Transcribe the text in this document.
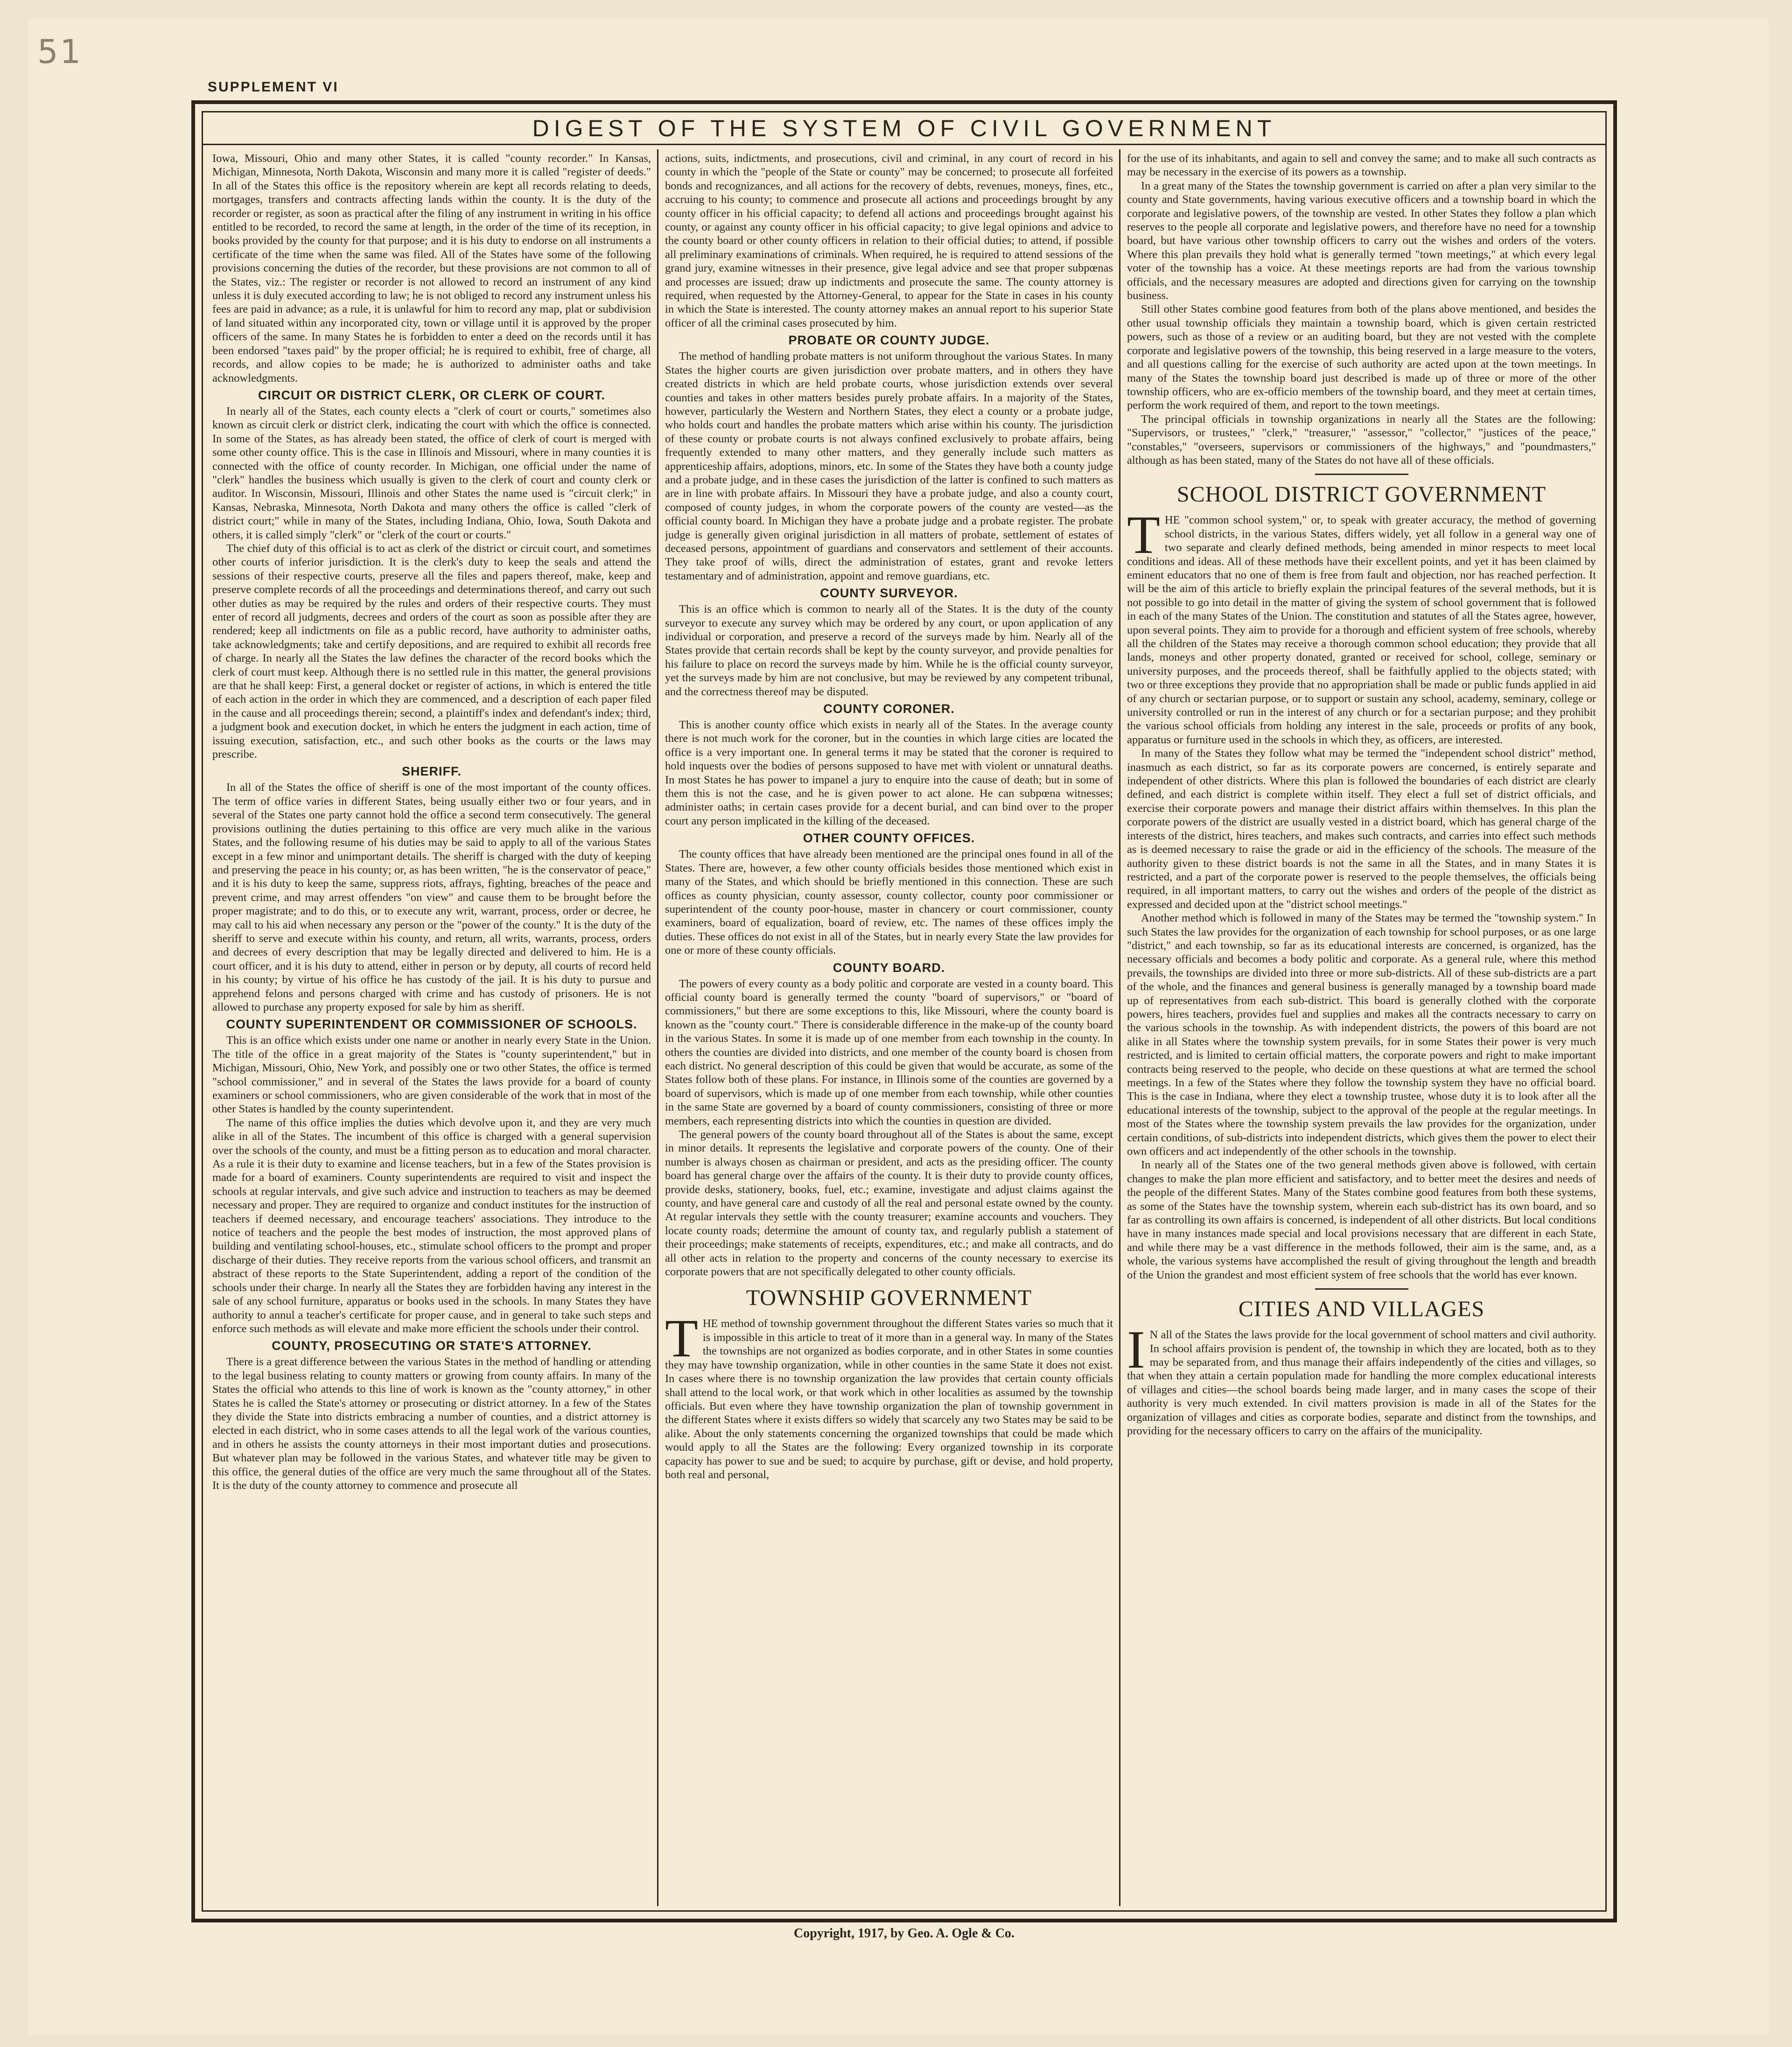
51
SUPPLEMENT VI
DIGEST OF THE SYSTEM OF CIVIL GOVERNMENT

Iowa, Missouri, Ohio and many other States, it is called "county recorder." In Kansas, Michigan, Minnesota, North Dakota, Wisconsin and many more it is called "register of deeds." In all of the States this office is the repository wherein are kept all records relating to deeds, mortgages, transfers and contracts affecting lands within the county. It is the duty of the recorder or register, as soon as practical after the filing of any instrument in writing in his office entitled to be recorded, to record the same at length, in the order of the time of its reception, in books provided by the county for that purpose; and it is his duty to endorse on all instruments a certificate of the time when the same was filed. All of the States have some of the following provisions concerning the duties of the recorder, but these provisions are not common to all of the States, viz.: The register or recorder is not allowed to record an instrument of any kind unless it is duly executed according to law; he is not obliged to record any instrument unless his fees are paid in advance; as a rule, it is unlawful for him to record any map, plat or subdivision of land situated within any incorporated city, town or village until it is approved by the proper officers of the same. In many States he is forbidden to enter a deed on the records until it has been endorsed "taxes paid" by the proper official; he is required to exhibit, free of charge, all records, and allow copies to be made; he is authorized to administer oaths and take acknowledgments.

CIRCUIT OR DISTRICT CLERK, OR CLERK OF COURT.

In nearly all of the States, each county elects a "clerk of court or courts," sometimes also known as circuit clerk or district clerk, indicating the court with which the office is connected. In some of the States, as has already been stated, the office of clerk of court is merged with some other county office. This is the case in Illinois and Missouri, where in many counties it is connected with the office of county recorder. In Michigan, one official under the name of "clerk" handles the business which usually is given to the clerk of court and county clerk or auditor. In Wisconsin, Missouri, Illinois and other States the name used is "circuit clerk;" in Kansas, Nebraska, Minnesota, North Dakota and many others the office is called "clerk of district court;" while in many of the States, including Indiana, Ohio, Iowa, South Dakota and others, it is called simply "clerk" or "clerk of the court or courts."

The chief duty of this official is to act as clerk of the district or circuit court, and sometimes other courts of inferior jurisdiction. It is the clerk's duty to keep the seals and attend the sessions of their respective courts, preserve all the files and papers thereof, make, keep and preserve complete records of all the proceedings and determinations thereof, and carry out such other duties as may be required by the rules and orders of their respective courts. They must enter of record all judgments, decrees and orders of the court as soon as possible after they are rendered; keep all indictments on file as a public record, have authority to administer oaths, take acknowledgments; take and certify depositions, and are required to exhibit all records free of charge. In nearly all the States the law defines the character of the record books which the clerk of court must keep. Although there is no settled rule in this matter, the general provisions are that he shall keep: First, a general docket or register of actions, in which is entered the title of each action in the order in which they are commenced, and a description of each paper filed in the cause and all proceedings therein; second, a plaintiff's index and defendant's index; third, a judgment book and execution docket, in which he enters the judgment in each action, time of issuing execution, satisfaction, etc., and such other books as the courts or the laws may prescribe.

SHERIFF.

In all of the States the office of sheriff is one of the most important of the county offices. The term of office varies in different States, being usually either two or four years, and in several of the States one party cannot hold the office a second term consecutively. The general provisions outlining the duties pertaining to this office are very much alike in the various States, and the following resume of his duties may be said to apply to all of the various States except in a few minor and unimportant details. The sheriff is charged with the duty of keeping and preserving the peace in his county; or, as has been written, "he is the conservator of peace," and it is his duty to keep the same, suppress riots, affrays, fighting, breaches of the peace and prevent crime, and may arrest offenders "on view" and cause them to be brought before the proper magistrate; and to do this, or to execute any writ, warrant, process, order or decree, he may call to his aid when necessary any person or the "power of the county." It is the duty of the sheriff to serve and execute within his county, and return, all writs, warrants, process, orders and decrees of every description that may be legally directed and delivered to him. He is a court officer, and it is his duty to attend, either in person or by deputy, all courts of record held in his county; by virtue of his office he has custody of the jail. It is his duty to pursue and apprehend felons and persons charged with crime and has custody of prisoners. He is not allowed to purchase any property exposed for sale by him as sheriff.

COUNTY SUPERINTENDENT OR COMMISSIONER OF SCHOOLS.

This is an office which exists under one name or another in nearly every State in the Union. The title of the office in a great majority of the States is "county superintendent," but in Michigan, Missouri, Ohio, New York, and possibly one or two other States, the office is termed "school commissioner," and in several of the States the laws provide for a board of county examiners or school commissioners, who are given considerable of the work that in most of the other States is handled by the county superintendent.

The name of this office implies the duties which devolve upon it, and they are very much alike in all of the States. The incumbent of this office is charged with a general supervision over the schools of the county, and must be a fitting person as to education and moral character. As a rule it is their duty to examine and license teachers, but in a few of the States provision is made for a board of examiners. County superintendents are required to visit and inspect the schools at regular intervals, and give such advice and instruction to teachers as may be deemed necessary and proper. They are required to organize and conduct institutes for the instruction of teachers if deemed necessary, and encourage teachers' associations. They introduce to the notice of teachers and the people the best modes of instruction, the most approved plans of building and ventilating school-houses, etc., stimulate school officers to the prompt and proper discharge of their duties. They receive reports from the various school officers, and transmit an abstract of these reports to the State Superintendent, adding a report of the condition of the schools under their charge. In nearly all the States they are forbidden having any interest in the sale of any school furniture, apparatus or books used in the schools. In many States they have authority to annul a teacher's certificate for proper cause, and in general to take such steps and enforce such methods as will elevate and make more efficient the schools under their control.

COUNTY, PROSECUTING OR STATE'S ATTORNEY.

There is a great difference between the various States in the method of handling or attending to the legal business relating to county matters or growing from county affairs. In many of the States the official who attends to this line of work is known as the "county attorney," in other States he is called the State's attorney or prosecuting or district attorney. In a few of the States they divide the State into districts embracing a number of counties, and a district attorney is elected in each district, who in some cases attends to all the legal work of the various counties, and in others he assists the county attorneys in their most important duties and prosecutions. But whatever plan may be followed in the various States, and whatever title may be given to this office, the general duties of the office are very much the same throughout all of the States. It is the duty of the county attorney to commence and prosecute all

actions, suits, indictments, and prosecutions, civil and criminal, in any court of record in his county in which the "people of the State or county" may be concerned; to prosecute all forfeited bonds and recognizances, and all actions for the recovery of debts, revenues, moneys, fines, etc., accruing to his county; to commence and prosecute all actions and proceedings brought by any county officer in his official capacity; to defend all actions and proceedings brought against his county, or against any county officer in his official capacity; to give legal opinions and advice to the county board or other county officers in relation to their official duties; to attend, if possible all preliminary examinations of criminals. When required, he is required to attend sessions of the grand jury, examine witnesses in their presence, give legal advice and see that proper subpœnas and processes are issued; draw up indictments and prosecute the same. The county attorney is required, when requested by the Attorney-General, to appear for the State in cases in his county in which the State is interested. The county attorney makes an annual report to his superior State officer of all the criminal cases prosecuted by him.

PROBATE OR COUNTY JUDGE.

The method of handling probate matters is not uniform throughout the various States. In many States the higher courts are given jurisdiction over probate matters, and in others they have created districts in which are held probate courts, whose jurisdiction extends over several counties and takes in other matters besides purely probate affairs. In a majority of the States, however, particularly the Western and Northern States, they elect a county or a probate judge, who holds court and handles the probate matters which arise within his county. The jurisdiction of these county or probate courts is not always confined exclusively to probate affairs, being frequently extended to many other matters, and they generally include such matters as apprenticeship affairs, adoptions, minors, etc. In some of the States they have both a county judge and a probate judge, and in these cases the jurisdiction of the latter is confined to such matters as are in line with probate affairs. In Missouri they have a probate judge, and also a county court, composed of county judges, in whom the corporate powers of the county are vested—as the official county board. In Michigan they have a probate judge and a probate register. The probate judge is generally given original jurisdiction in all matters of probate, settlement of estates of deceased persons, appointment of guardians and conservators and settlement of their accounts. They take proof of wills, direct the administration of estates, grant and revoke letters testamentary and of administration, appoint and remove guardians, etc.

COUNTY SURVEYOR.

This is an office which is common to nearly all of the States. It is the duty of the county surveyor to execute any survey which may be ordered by any court, or upon application of any individual or corporation, and preserve a record of the surveys made by him. Nearly all of the States provide that certain records shall be kept by the county surveyor, and provide penalties for his failure to place on record the surveys made by him. While he is the official county surveyor, yet the surveys made by him are not conclusive, but may be reviewed by any competent tribunal, and the correctness thereof may be disputed.

COUNTY CORONER.

This is another county office which exists in nearly all of the States. In the average county there is not much work for the coroner, but in the counties in which large cities are located the office is a very important one. In general terms it may be stated that the coroner is required to hold inquests over the bodies of persons supposed to have met with violent or unnatural deaths. In most States he has power to impanel a jury to enquire into the cause of death; but in some of them this is not the case, and he is given power to act alone. He can subpœna witnesses; administer oaths; in certain cases provide for a decent burial, and can bind over to the proper court any person implicated in the killing of the deceased.

OTHER COUNTY OFFICES.

The county offices that have already been mentioned are the principal ones found in all of the States. There are, however, a few other county officials besides those mentioned which exist in many of the States, and which should be briefly mentioned in this connection. These are such offices as county physician, county assessor, county collector, county poor commissioner or superintendent of the county poor-house, master in chancery or court commissioner, county examiners, board of equalization, board of review, etc. The names of these offices imply the duties. These offices do not exist in all of the States, but in nearly every State the law provides for one or more of these county officials.

COUNTY BOARD.

The powers of every county as a body politic and corporate are vested in a county board. This official county board is generally termed the county "board of supervisors," or "board of commissioners," but there are some exceptions to this, like Missouri, where the county board is known as the "county court." There is considerable difference in the make-up of the county board in the various States. In some it is made up of one member from each township in the county. In others the counties are divided into districts, and one member of the county board is chosen from each district. No general description of this could be given that would be accurate, as some of the States follow both of these plans. For instance, in Illinois some of the counties are governed by a board of supervisors, which is made up of one member from each township, while other counties in the same State are governed by a board of county commissioners, consisting of three or more members, each representing districts into which the counties in question are divided.

The general powers of the county board throughout all of the States is about the same, except in minor details. It represents the legislative and corporate powers of the county. One of their number is always chosen as chairman or president, and acts as the presiding officer. The county board has general charge over the affairs of the county. It is their duty to provide county offices, provide desks, stationery, books, fuel, etc.; examine, investigate and adjust claims against the county, and have general care and custody of all the real and personal estate owned by the county. At regular intervals they settle with the county treasurer; examine accounts and vouchers. They locate county roads; determine the amount of county tax, and regularly publish a statement of their proceedings; make statements of receipts, expenditures, etc.; and make all contracts, and do all other acts in relation to the property and concerns of the county necessary to exercise its corporate powers that are not specifically delegated to other county officials.

TOWNSHIP GOVERNMENT

THE method of township government throughout the different States varies so much that it is impossible in this article to treat of it more than in a general way. In many of the States the townships are not organized as bodies corporate, and in other States in some counties they may have township organization, while in other counties in the same State it does not exist. In cases where there is no township organization the law provides that certain county officials shall attend to the local work, or that work which in other localities as assumed by the township officials. But even where they have township organization the plan of township government in the different States where it exists differs so widely that scarcely any two States may be said to be alike. About the only statements concerning the organized townships that could be made which would apply to all the States are the following: Every organized township in its corporate capacity has power to sue and be sued; to acquire by purchase, gift or devise, and hold property, both real and personal,

for the use of its inhabitants, and again to sell and convey the same; and to make all such contracts as may be necessary in the exercise of its powers as a township.

In a great many of the States the township government is carried on after a plan very similar to the county and State governments, having various executive officers and a township board in which the corporate and legislative powers, of the township are vested. In other States they follow a plan which reserves to the people all corporate and legislative powers, and therefore have no need for a township board, but have various other township officers to carry out the wishes and orders of the voters. Where this plan prevails they hold what is generally termed "town meetings," at which every legal voter of the township has a voice. At these meetings reports are had from the various township officials, and the necessary measures are adopted and directions given for carrying on the township business.

Still other States combine good features from both of the plans above mentioned, and besides the other usual township officials they maintain a township board, which is given certain restricted powers, such as those of a review or an auditing board, but they are not vested with the complete corporate and legislative powers of the township, this being reserved in a large measure to the voters, and all questions calling for the exercise of such authority are acted upon at the town meetings. In many of the States the township board just described is made up of three or more of the other township officers, who are ex-officio members of the township board, and they meet at certain times, perform the work required of them, and report to the town meetings.

The principal officials in township organizations in nearly all the States are the following: "Supervisors, or trustees," "clerk," "treasurer," "assessor," "collector," "justices of the peace," "constables," "overseers, supervisors or commissioners of the highways," and "poundmasters," although as has been stated, many of the States do not have all of these officials.

SCHOOL DISTRICT GOVERNMENT

THE "common school system," or, to speak with greater accuracy, the method of governing school districts, in the various States, differs widely, yet all follow in a general way one of two separate and clearly defined methods, being amended in minor respects to meet local conditions and ideas. All of these methods have their excellent points, and yet it has been claimed by eminent educators that no one of them is free from fault and objection, nor has reached perfection. It will be the aim of this article to briefly explain the principal features of the several methods, but it is not possible to go into detail in the matter of giving the system of school government that is followed in each of the many States of the Union. The constitution and statutes of all the States agree, however, upon several points. They aim to provide for a thorough and efficient system of free schools, whereby all the children of the States may receive a thorough common school education; they provide that all lands, moneys and other property donated, granted or received for school, college, seminary or university purposes, and the proceeds thereof, shall be faithfully applied to the objects stated; with two or three exceptions they provide that no appropriation shall be made or public funds applied in aid of any church or sectarian purpose, or to support or sustain any school, academy, seminary, college or university controlled or run in the interest of any church or for a sectarian purpose; and they prohibit the various school officials from holding any interest in the sale, proceeds or profits of any book, apparatus or furniture used in the schools in which they, as officers, are interested.

In many of the States they follow what may be termed the "independent school district" method, inasmuch as each district, so far as its corporate powers are concerned, is entirely separate and independent of other districts. Where this plan is followed the boundaries of each district are clearly defined, and each district is complete within itself. They elect a full set of district officials, and exercise their corporate powers and manage their district affairs within themselves. In this plan the corporate powers of the district are usually vested in a district board, which has general charge of the interests of the district, hires teachers, and makes such contracts, and carries into effect such methods as is deemed necessary to raise the grade or aid in the efficiency of the schools. The measure of the authority given to these district boards is not the same in all the States, and in many States it is restricted, and a part of the corporate power is reserved to the people themselves, the officials being required, in all important matters, to carry out the wishes and orders of the people of the district as expressed and decided upon at the "district school meetings."

Another method which is followed in many of the States may be termed the "township system." In such States the law provides for the organization of each township for school purposes, or as one large "district," and each township, so far as its educational interests are concerned, is organized, has the necessary officials and becomes a body politic and corporate. As a general rule, where this method prevails, the townships are divided into three or more sub-districts. All of these sub-districts are a part of the whole, and the finances and general business is generally managed by a township board made up of representatives from each sub-district. This board is generally clothed with the corporate powers, hires teachers, provides fuel and supplies and makes all the contracts necessary to carry on the various schools in the township. As with independent districts, the powers of this board are not alike in all States where the township system prevails, for in some States their power is very much restricted, and is limited to certain official matters, the corporate powers and right to make important contracts being reserved to the people, who decide on these questions at what are termed the school meetings. In a few of the States where they follow the township system they have no official board. This is the case in Indiana, where they elect a township trustee, whose duty it is to look after all the educational interests of the township, subject to the approval of the people at the regular meetings. In most of the States where the township system prevails the law provides for the organization, under certain conditions, of sub-districts into independent districts, which gives them the power to elect their own officers and act independently of the other schools in the township.

In nearly all of the States one of the two general methods given above is followed, with certain changes to make the plan more efficient and satisfactory, and to better meet the desires and needs of the people of the different States. Many of the States combine good features from both these systems, as some of the States have the township system, wherein each sub-district has its own board, and so far as controlling its own affairs is concerned, is independent of all other districts. But local conditions have in many instances made special and local provisions necessary that are different in each State, and while there may be a vast difference in the methods followed, their aim is the same, and, as a whole, the various systems have accomplished the result of giving throughout the length and breadth of the Union the grandest and most efficient system of free schools that the world has ever known.

CITIES AND VILLAGES

I N all of the States the laws provide for the local government of school matters and civil authority. In school affairs provision is pendent of, the township in which they are located, both as to they may be separated from, and thus manage their affairs independently of the cities and villages, so that when they attain a certain population made for handling the more complex educational interests of villages and cities—the school boards being made larger, and in many cases the scope of their authority is very much extended. In civil matters provision is made in all of the States for the organization of villages and cities as corporate bodies, separate and distinct from the townships, and providing for the necessary officers to carry on the affairs of the municipality.

Copyright, 1917, by Geo. A. Ogle & Co.
